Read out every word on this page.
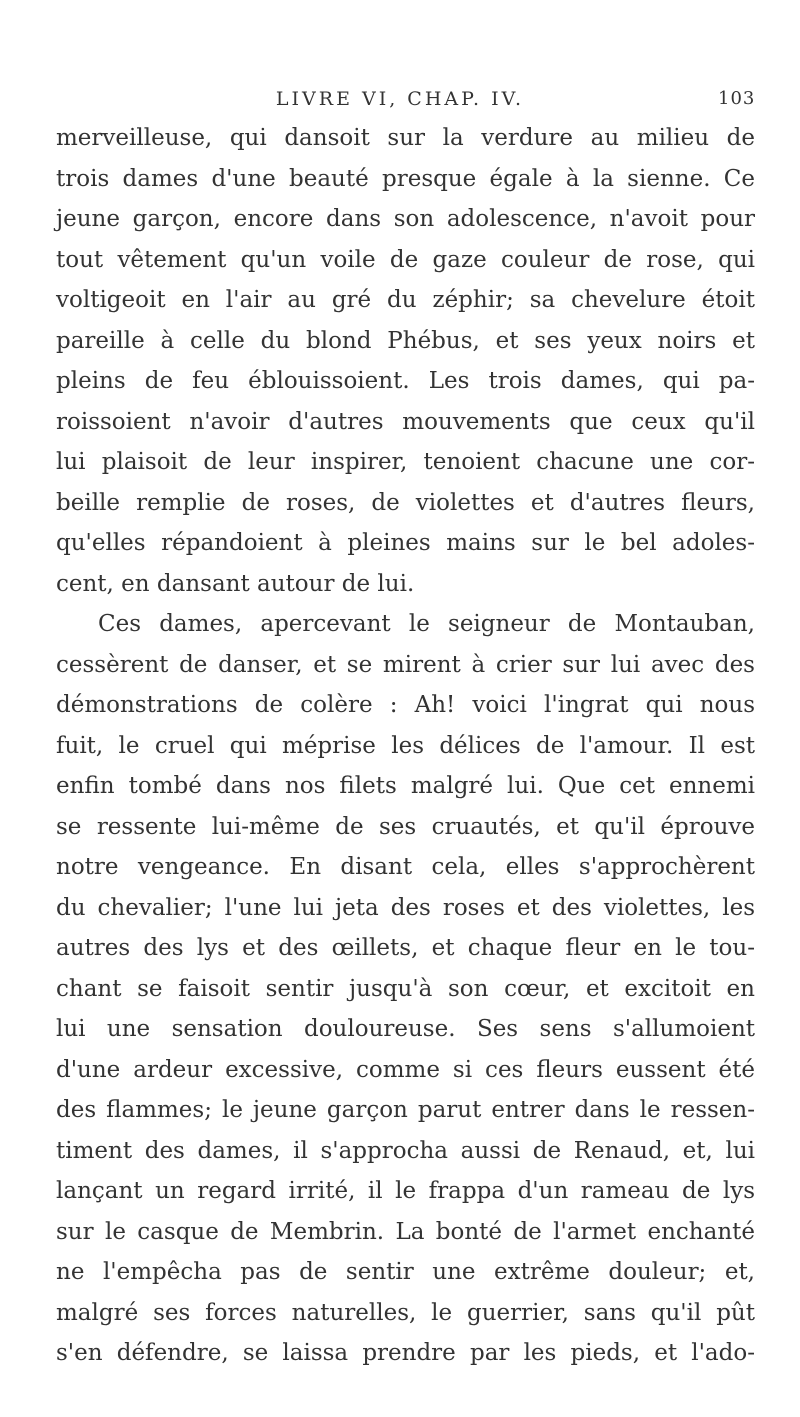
LIVRE VI, CHAP. IV.	103
merveilleuse, qui dansoit sur la verdure au milieu de
trois dames d'une beauté presque égale à la sienne. Ce
jeune garçon, encore dans son adolescence, n'avoit pour
tout vêtement qu'un voile de gaze couleur de rose, qui
voltigeoit en l'air au gré du zéphir; sa chevelure étoit
pareille à celle du blond Phébus, et ses yeux noirs et
pleins de feu éblouissoient. Les trois dames, qui pa-
roissoient n'avoir d'autres mouvements que ceux qu'il
lui plaisoit de leur inspirer, tenoient chacune une cor-
beille remplie de roses, de violettes et d'autres fleurs,
qu'elles répandoient à pleines mains sur le bel adoles-
cent, en dansant autour de lui.
Ces dames, apercevant le seigneur de Montauban,
cessèrent de danser, et se mirent à crier sur lui avec des
démonstrations de colère : Ah! voici l'ingrat qui nous
fuit, le cruel qui méprise les délices de l'amour. Il est
enfin tombé dans nos filets malgré lui. Que cet ennemi
se ressente lui-même de ses cruautés, et qu'il éprouve
notre vengeance. En disant cela, elles s'approchèrent
du chevalier; l'une lui jeta des roses et des violettes, les
autres des lys et des œillets, et chaque fleur en le tou-
chant se faisoit sentir jusqu'à son cœur, et excitoit en
lui une sensation douloureuse. Ses sens s'allumoient
d'une ardeur excessive, comme si ces fleurs eussent été
des flammes; le jeune garçon parut entrer dans le ressen-
timent des dames, il s'approcha aussi de Renaud, et, lui
lançant un regard irrité, il le frappa d'un rameau de lys
sur le casque de Membrin. La bonté de l'armet enchanté
ne l'empêcha pas de sentir une extrême douleur; et,
malgré ses forces naturelles, le guerrier, sans qu'il pût
s'en défendre, se laissa prendre par les pieds, et l'ado-
